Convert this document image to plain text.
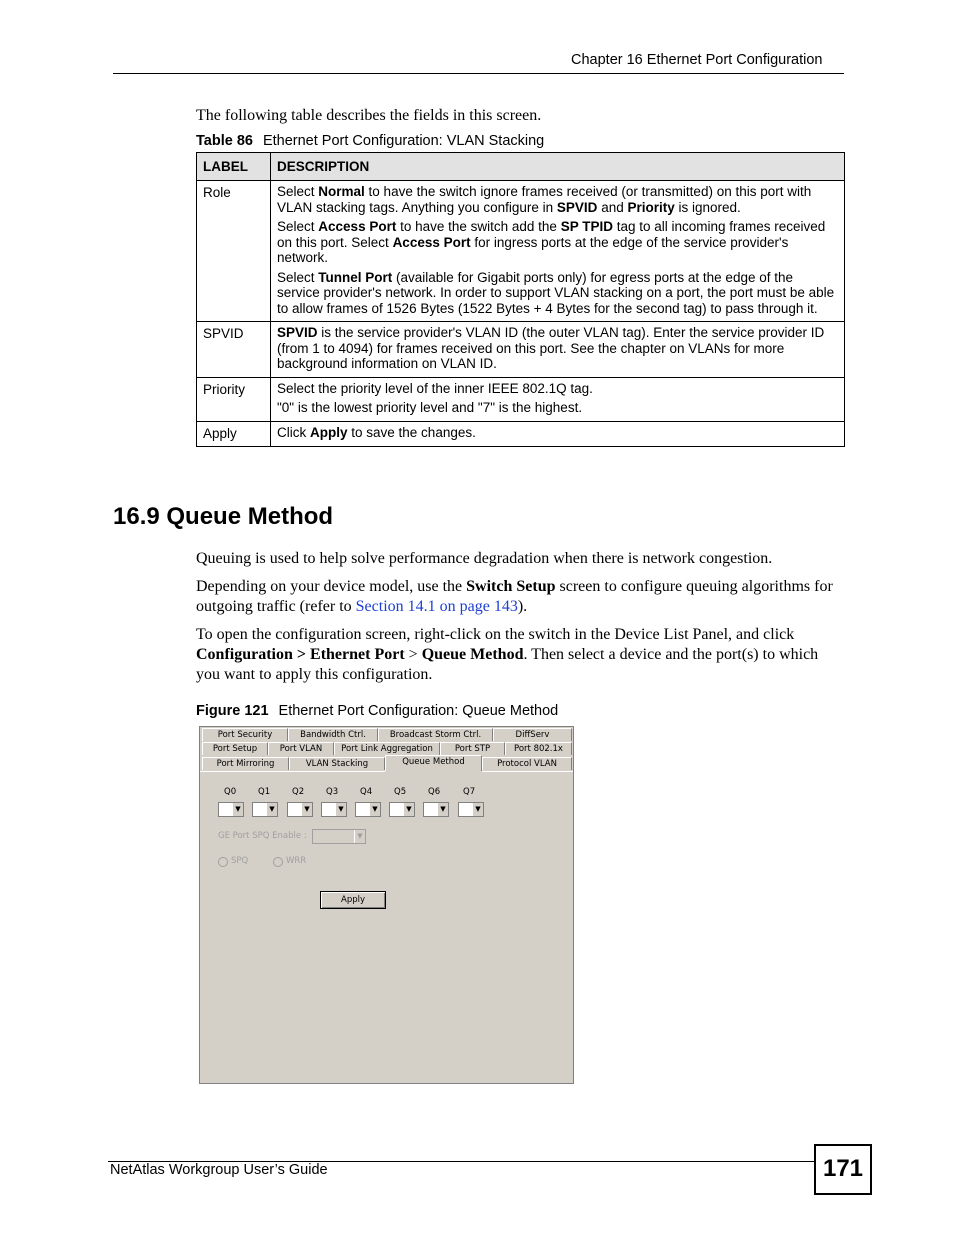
Chapter 16 Ethernet Port Configuration
The following table describes the fields in this screen.
Table 86 Ethernet Port Configuration: VLAN Stacking
LABEL	DESCRIPTION
Role	Select Normal to have the switch ignore frames received (or transmitted) on this port with VLAN stacking tags. Anything you configure in SPVID and Priority is ignored.

Select Access Port to have the switch add the SP TPID tag to all incoming frames received on this port. Select Access Port for ingress ports at the edge of the service provider's network.

Select Tunnel Port (available for Gigabit ports only) for egress ports at the edge of the service provider's network. In order to support VLAN stacking on a port, the port must be able to allow frames of 1526 Bytes (1522 Bytes + 4 Bytes for the second tag) to pass through it.

SPVID	SPVID is the service provider's VLAN ID (the outer VLAN tag). Enter the service provider ID (from 1 to 4094) for frames received on this port. See the chapter on VLANs for more background information on VLAN ID.

Priority	Select the priority level of the inner IEEE 802.1Q tag.

"0" is the lowest priority level and "7" is the highest.

Apply	Click Apply to save the changes.

16.9 Queue Method
Queuing is used to help solve performance degradation when there is network congestion.
Depending on your device model, use the Switch Setup screen to configure queuing algorithms for outgoing traffic (refer to Section 14.1 on page 143).
To open the configuration screen, right-click on the switch in the Device List Panel, and click Configuration > Ethernet Port > Queue Method. Then select a device and the port(s) to which you want to apply this configuration.
Figure 121 Ethernet Port Configuration: Queue Method
Port Security	Bandwidth Ctrl.	Broadcast Storm Ctrl.	DiffServ
Port Setup	Port VLAN	Port Link Aggregation	Port STP	Port 802.1x
Port Mirroring	VLAN Stacking	Queue Method	Protocol VLAN
Q0	Q1	Q2	Q3	Q4	Q5	Q6	Q7
▼	▼	▼	▼	▼	▼	▼	▼
GE Port SPQ Enable :	▼
SPQ	WRR
Apply
NetAtlas Workgroup User’s Guide	171
